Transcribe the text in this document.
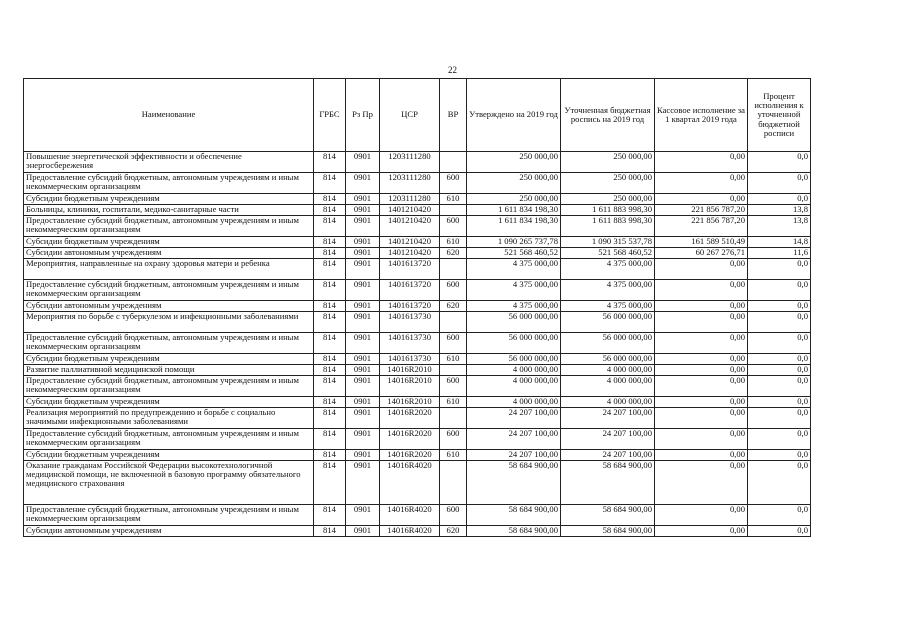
22
Наименование	ГРБС	Рз Пр	ЦСР	ВР	Утверждено на 2019 год	Уточненная бюджетная роспись на 2019 год	Кассовое исполнение за 1 квартал 2019 года	Процент исполнения к уточненной бюджетной росписи
Повышение энергетической эффективности и обеспечение энергосбережения	814	0901	1203111280		250 000,00	250 000,00	0,00	0,0
Предоставление субсидий бюджетным, автономным учреждениям и иным некоммерческим организациям	814	0901	1203111280	600	250 000,00	250 000,00	0,00	0,0
Субсидии бюджетным учреждениям	814	0901	1203111280	610	250 000,00	250 000,00	0,00	0,0
Больницы, клиники, госпитали, медико-санитарные части	814	0901	1401210420		1 611 834 198,30	1 611 883 998,30	221 856 787,20	13,8
Предоставление субсидий бюджетным, автономным учреждениям и иным некоммерческим организациям	814	0901	1401210420	600	1 611 834 198,30	1 611 883 998,30	221 856 787,20	13,8
Субсидии бюджетным учреждениям	814	0901	1401210420	610	1 090 265 737,78	1 090 315 537,78	161 589 510,49	14,8
Субсидии автономным учреждениям	814	0901	1401210420	620	521 568 460,52	521 568 460,52	60 267 276,71	11,6
Мероприятия, направленные на охрану здоровья матери и ребенка	814	0901	1401613720		4 375 000,00	4 375 000,00	0,00	0,0
Предоставление субсидий бюджетным, автономным учреждениям и иным некоммерческим организациям	814	0901	1401613720	600	4 375 000,00	4 375 000,00	0,00	0,0
Субсидии автономным учреждениям	814	0901	1401613720	620	4 375 000,00	4 375 000,00	0,00	0,0
Мероприятия по борьбе с туберкулезом и инфекционными заболеваниями	814	0901	1401613730		56 000 000,00	56 000 000,00	0,00	0,0
Предоставление субсидий бюджетным, автономным учреждениям и иным некоммерческим организациям	814	0901	1401613730	600	56 000 000,00	56 000 000,00	0,00	0,0
Субсидии бюджетным учреждениям	814	0901	1401613730	610	56 000 000,00	56 000 000,00	0,00	0,0
Развитие паллиативной медицинской помощи	814	0901	14016R2010		4 000 000,00	4 000 000,00	0,00	0,0
Предоставление субсидий бюджетным, автономным учреждениям и иным некоммерческим организациям	814	0901	14016R2010	600	4 000 000,00	4 000 000,00	0,00	0,0
Субсидии бюджетным учреждениям	814	0901	14016R2010	610	4 000 000,00	4 000 000,00	0,00	0,0
Реализация мероприятий по предупреждению и борьбе с социально значимыми инфекционными заболеваниями	814	0901	14016R2020		24 207 100,00	24 207 100,00	0,00	0,0
Предоставление субсидий бюджетным, автономным учреждениям и иным некоммерческим организациям	814	0901	14016R2020	600	24 207 100,00	24 207 100,00	0,00	0,0
Субсидии бюджетным учреждениям	814	0901	14016R2020	610	24 207 100,00	24 207 100,00	0,00	0,0
Оказание гражданам Российской Федерации высокотехнологичной медицинской помощи, не включенной в базовую программу обязательного медицинского страхования	814	0901	14016R4020		58 684 900,00	58 684 900,00	0,00	0,0
Предоставление субсидий бюджетным, автономным учреждениям и иным некоммерческим организациям	814	0901	14016R4020	600	58 684 900,00	58 684 900,00	0,00	0,0
Субсидии автономным учреждениям	814	0901	14016R4020	620	58 684 900,00	58 684 900,00	0,00	0,0
